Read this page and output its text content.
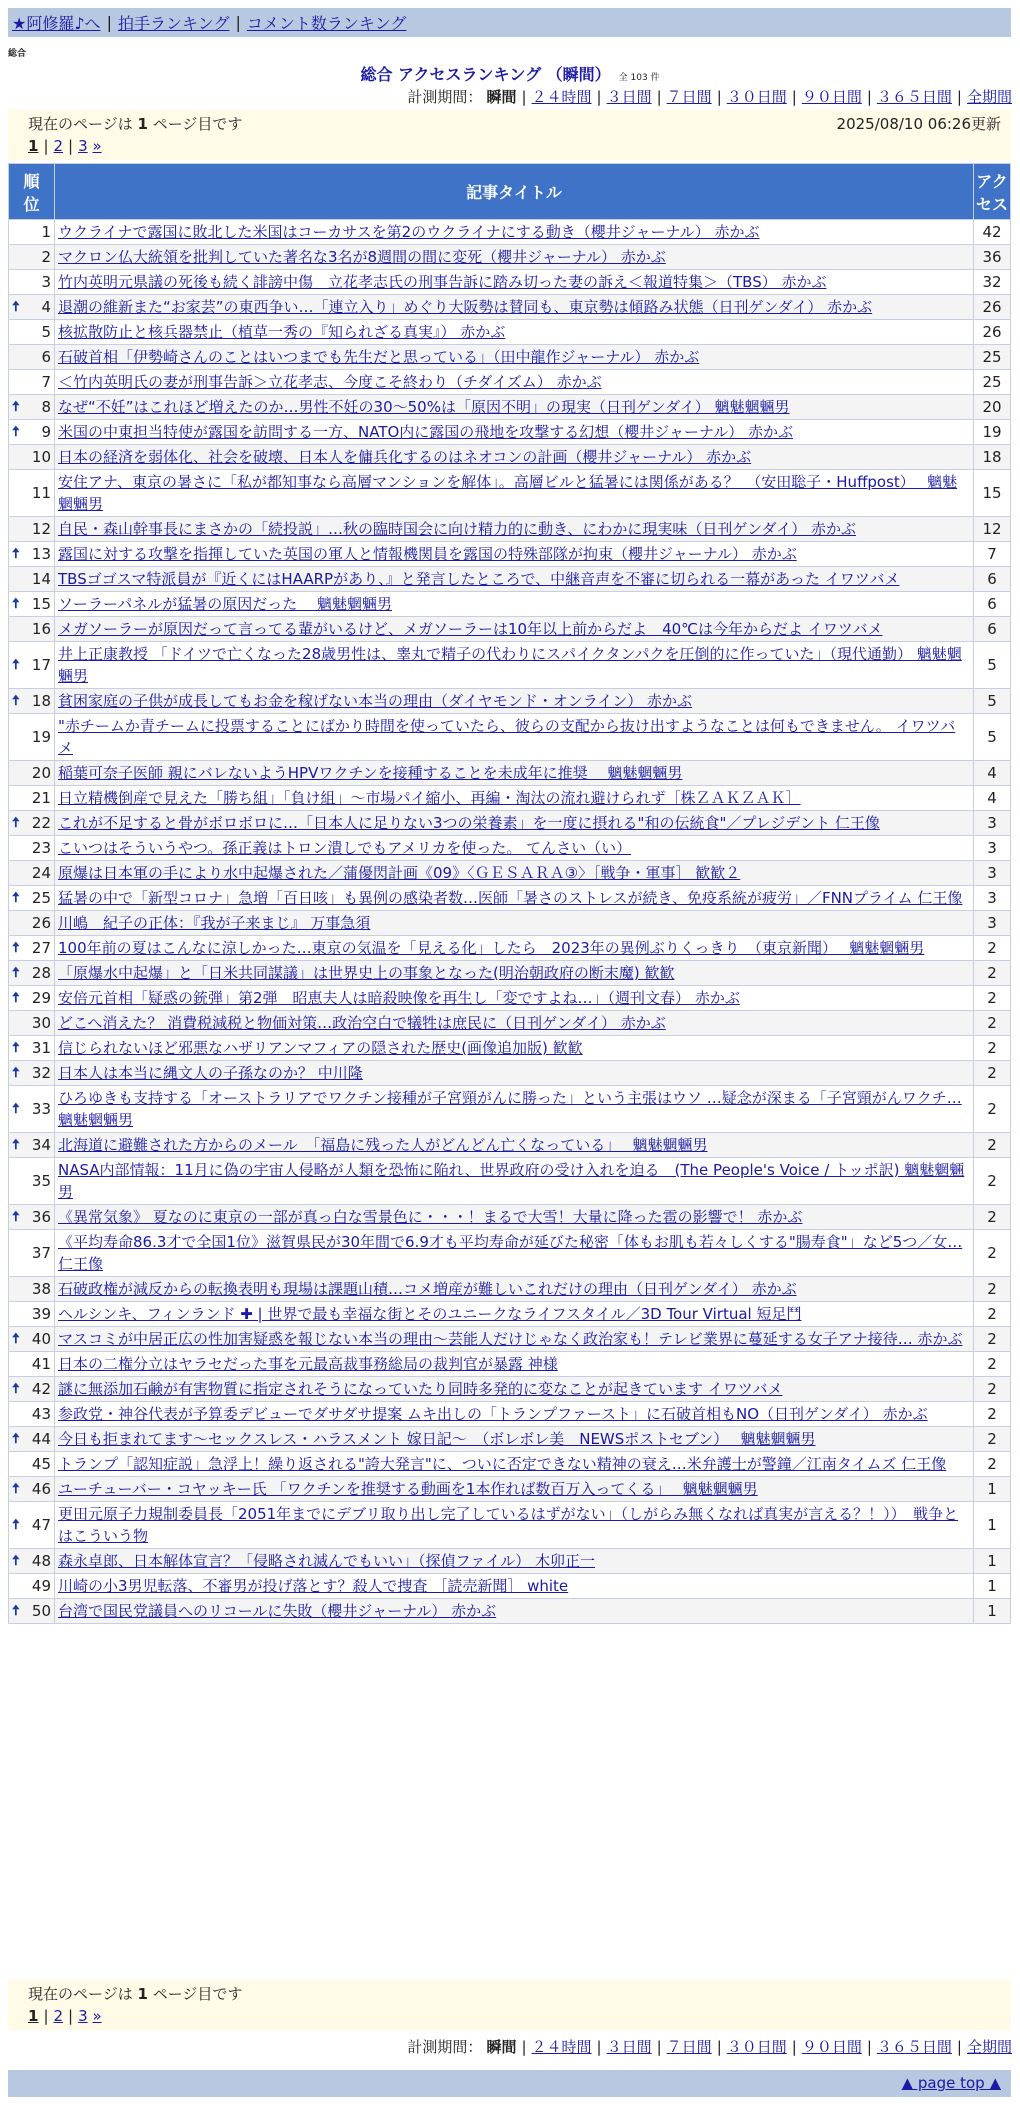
★阿修羅♪へ | 拍手ランキング | コメント数ランキング
総合
総合 アクセスランキング （瞬間） 全 103 件
計測期間： 瞬間 | ２４時間 | ３日間 | ７日間 | ３０日間 | ９０日間 | ３６５日間 | 全期間
現在のページは 1 ページ目です	2025/08/10 06:26更新
1 | 2 | 3 »
順
位	記事タイトル	アク
セス
1	ウクライナで露国に敗北した米国はコーカサスを第2のウクライナにする動き（櫻井ジャーナル） 赤かぶ	42
2	マクロン仏大統領を批判していた著名な3名が8週間の間に変死（櫻井ジャーナル） 赤かぶ	36
3	竹内英明元県議の死後も続く誹謗中傷　立花孝志氏の刑事告訴に踏み切った妻の訴え＜報道特集＞（TBS） 赤かぶ	32

🠅 4	退潮の維新また“お家芸”の東西争い…「連立入り」めぐり大阪勢は賛同も、東京勢は傾路み状態（日刊ゲンダイ） 赤かぶ	26
5	核拡散防止と核兵器禁止（植草一秀の『知られざる真実』） 赤かぶ	26
6	石破首相「伊勢崎さんのことはいつまでも先生だと思っている」（田中龍作ジャーナル） 赤かぶ	25
7	＜竹内英明氏の妻が刑事告訴＞立花孝志、今度こそ終わり（チダイズム） 赤かぶ	25

🠅 8	なぜ“不妊”はこれほど増えたのか…男性不妊の30～50%は「原因不明」の現実（日刊ゲンダイ） 魑魅魍魎男	20

🠅 9	米国の中東担当特使が露国を訪問する一方、NATO内に露国の飛地を攻撃する幻想（櫻井ジャーナル） 赤かぶ	19
10	日本の経済を弱体化、社会を破壊、日本人を傭兵化するのはネオコンの計画（櫻井ジャーナル） 赤かぶ	18
11	安住アナ、東京の暑さに「私が都知事なら高層マンションを解体」。高層ビルと猛暑には関係がある？　（安田聡子・Huffpost）　 魑魅魍魎男	15
12	自民・森山幹事長にまさかの「続投説」…秋の臨時国会に向け精力的に動き、にわかに現実味（日刊ゲンダイ） 赤かぶ	12

🠅 13	露国に対する攻撃を指揮していた英国の軍人と情報機関員を露国の特殊部隊が拘束（櫻井ジャーナル） 赤かぶ	7
14	TBSゴゴスマ特派員が『近くにはHAARPがあり、』と発言したところで、中継音声を不審に切られる一幕があった イワツバメ	6

🠅 15	ソーラーパネルが猛暑の原因だった　 魑魅魍魎男	6
16	メガソーラーが原因だって言ってる輩がいるけど、メガソーラーは10年以上前からだよ　40℃は今年からだよ イワツバメ	6

🠅 17	井上正康教授 「ドイツで亡くなった28歳男性は、睾丸で精子の代わりにスパイクタンパクを圧倒的に作っていた」（現代通勤） 魑魅魍魎男	5

🠅 18	貧困家庭の子供が成長してもお金を稼げない本当の理由（ダイヤモンド・オンライン） 赤かぶ	5
19	"赤チームか青チームに投票することにばかり時間を使っていたら、彼らの支配から抜け出すようなことは何もできません。 イワツバメ	5
20	稲葉可奈子医師 親にバレないようHPVワクチンを接種することを未成年に推奨　 魑魅魍魎男	4
21	日立精機倒産で見えた「勝ち組」「負け組」～市場パイ縮小、再編・淘汰の流れ避けられず［株ＺＡＫＺＡＫ］	4

🠅 22	これが不足すると骨がボロボロに…「日本人に足りない3つの栄養素」を一度に摂れる"和の伝統食"／プレジデント 仁王像	3
23	こいつはそういうやつ。孫正義はトロン潰しでもアメリカを使った。 てんさい（い）	3
24	原爆は日本軍の手により水中起爆された／蒲優閃計画《09》〈ＧＥＳＡＲＡ③〉［戦争・軍事］ 歓歓２	3

🠅 25	猛暑の中で「新型コロナ」急増「百日咳」も異例の感染者数…医師「暑さのストレスが続き、免疫系統が疲労」／FNNプライム 仁王像	3
26	川嶋　紀子の正体：『我が子来まじ』 万事急須	3

🠅 27	100年前の夏はこんなに涼しかった…東京の気温を「見える化」したら　2023年の異例ぶりくっきり　（東京新聞）　 魑魅魍魎男	2

🠅 28	「原爆水中起爆」と「日米共同謀議」は世界史上の事象となった(明治朝政府の断末魔) 歓歓	2

🠅 29	安倍元首相「疑惑の銃弾」第2弾　昭恵夫人は暗殺映像を再生し「変ですよね…」（週刊文春） 赤かぶ	2
30	どこへ消えた？ 消費税減税と物価対策…政治空白で犠牲は庶民に（日刊ゲンダイ） 赤かぶ	2

🠅 31	信じられないほど邪悪なハザリアンマフィアの隠された歴史(画像追加版) 歓歓	2

🠅 32	日本人は本当に縄文人の子孫なのか？ 中川隆	2

🠅 33	ひろゆきも支持する「オーストラリアでワクチン接種が子宮頸がんに勝った」という主張はウソ …疑念が深まる「子宮頸がんワクチ… 魑魅魍魎男	2

🠅 34	北海道に避難された方からのメール　「福島に残った人がどんどん亡くなっている」　 魑魅魍魎男	2
35	NASA内部情報：11月に偽の宇宙人侵略が人類を恐怖に陥れ、世界政府の受け入れを迫る　(The People's Voice / トッポ訳) 魑魅魍魎男	2

🠅 36	《異常気象》 夏なのに東京の一部が真っ白な雪景色に・・・！まるで大雪！大量に降った雹の影響で！ 赤かぶ	2
37	《平均寿命86.3才で全国1位》滋賀県民が30年間で6.9才も平均寿命が延びた秘密「体もお肌も若々しくする"腸寿食"」など5つ／女… 仁王像	2
38	石破政権が減反からの転換表明も現場は課題山積…コメ増産が難しいこれだけの理由（日刊ゲンダイ） 赤かぶ	2
39	ヘルシンキ、フィンランド ✚ | 世界で最も幸福な街とそのユニークなライフスタイル／3D Tour Virtual 短足鬥	2

🠅 40	マスコミが中居正広の性加害疑惑を報じない本当の理由～芸能人だけじゃなく政治家も！テレビ業界に蔓延する女子アナ接待… 赤かぶ	2
41	日本の二権分立はヤラセだった事を元最高裁事務総局の裁判官が暴露 神様	2

🠅 42	謎に無添加石鹸が有害物質に指定されそうになっていたり同時多発的に変なことが起きています イワツバメ	2
43	参政党・神谷代表が予算委デビューでダサダサ提案 ムキ出しの「トランプファースト」に石破首相もNO（日刊ゲンダイ） 赤かぶ	2

🠅 44	今日も拒まれてます～セックスレス・ハラスメント 嫁日記～　（ボレボレ美　NEWSポストセブン）　 魑魅魍魎男	2
45	トランプ「認知症説」急浮上！繰り返される"誇大発言"に、ついに否定できない精神の衰え…米弁護士が警鐘／江南タイムズ 仁王像	2

🠅 46	ユーチューバー・コヤッキー氏 「ワクチンを推奨する動画を1本作れば数百万入ってくる」　 魑魅魍魎男	1

🠅 47	更田元原子力規制委員長「2051年までにデブリ取り出し完了しているはずがない」（しがらみ無くなれば真実が言える？！））　戦争とはこういう物	1

🠅 48	森永卓郎、日本解体宣言？「侵略され滅んでもいい」（探偵ファイル） 木卯正一	1
49	川崎の小3男児転落、不審男が投げ落とす？殺人で捜査 ［読売新聞］ white	1

🠅 50	台湾で国民党議員へのリコールに失敗（櫻井ジャーナル） 赤かぶ	1
現在のページは 1 ページ目です
1 | 2 | 3 »
計測期間： 瞬間 | ２４時間 | ３日間 | ７日間 | ３０日間 | ９０日間 | ３６５日間 | 全期間
▲ page top ▲
